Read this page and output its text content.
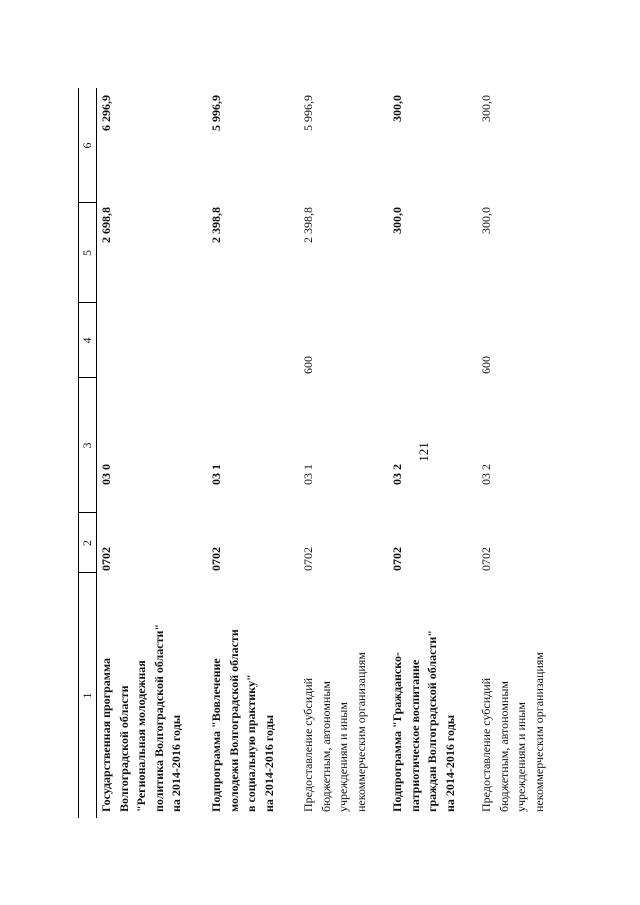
121
1
2
3
4
5
6
Государственная программа Волгоградской области "Региональная молодежная политика Волгоградской области" на 2014-2016 годы
0702
03 0
2 698,8
6 296,9
Подпрограмма "Вовлечение молодежи Волгоградской области в социальную практику" на 2014-2016 годы
0702
03 1
2 398,8
5 996,9
Предоставление субсидий бюджетным, автономным учреждениям и иным некоммерческим организациям
0702
03 1
600
2 398,8
5 996,9
Подпрограмма "Гражданско- патриотическое воспитание граждан Волгоградской области" на 2014-2016 годы
0702
03 2
300,0
300,0
Предоставление субсидий бюджетным, автономным учреждениям и иным некоммерческим организациям
0702
03 2
600
300,0
300,0
